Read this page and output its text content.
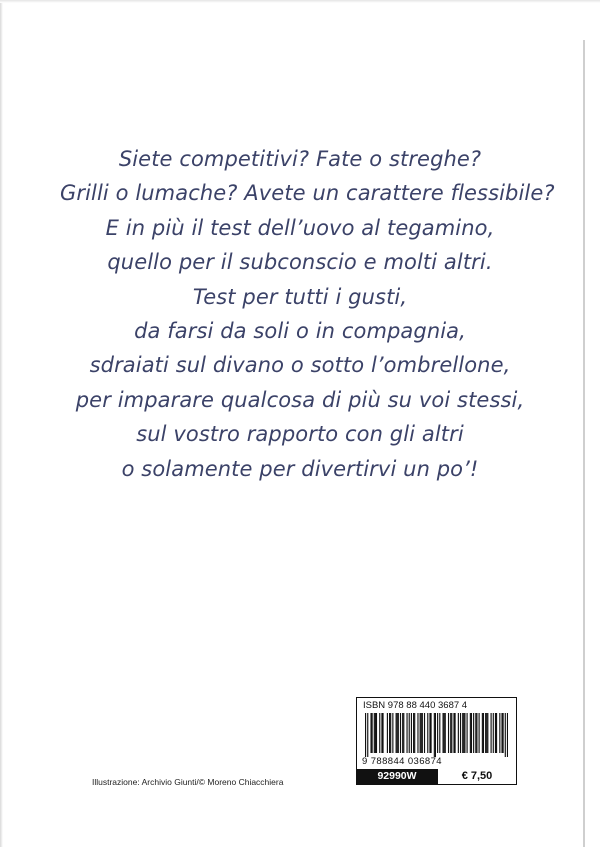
Siete competitivi? Fate o streghe?
Grilli o lumache? Avete un carattere flessibile?
E in più il test dell’uovo al tegamino,
quello per il subconscio e molti altri.
Test per tutti i gusti,
da farsi da soli o in compagnia,
sdraiati sul divano o sotto l’ombrellone,
per imparare qualcosa di più su voi stessi,
sul vostro rapporto con gli altri
o solamente per divertirvi un po’!
Illustrazione: Archivio Giunti/© Moreno Chiacchiera
ISBN 978 88 440 3687 4
9 788844 036874
92990W	€ 7,50
